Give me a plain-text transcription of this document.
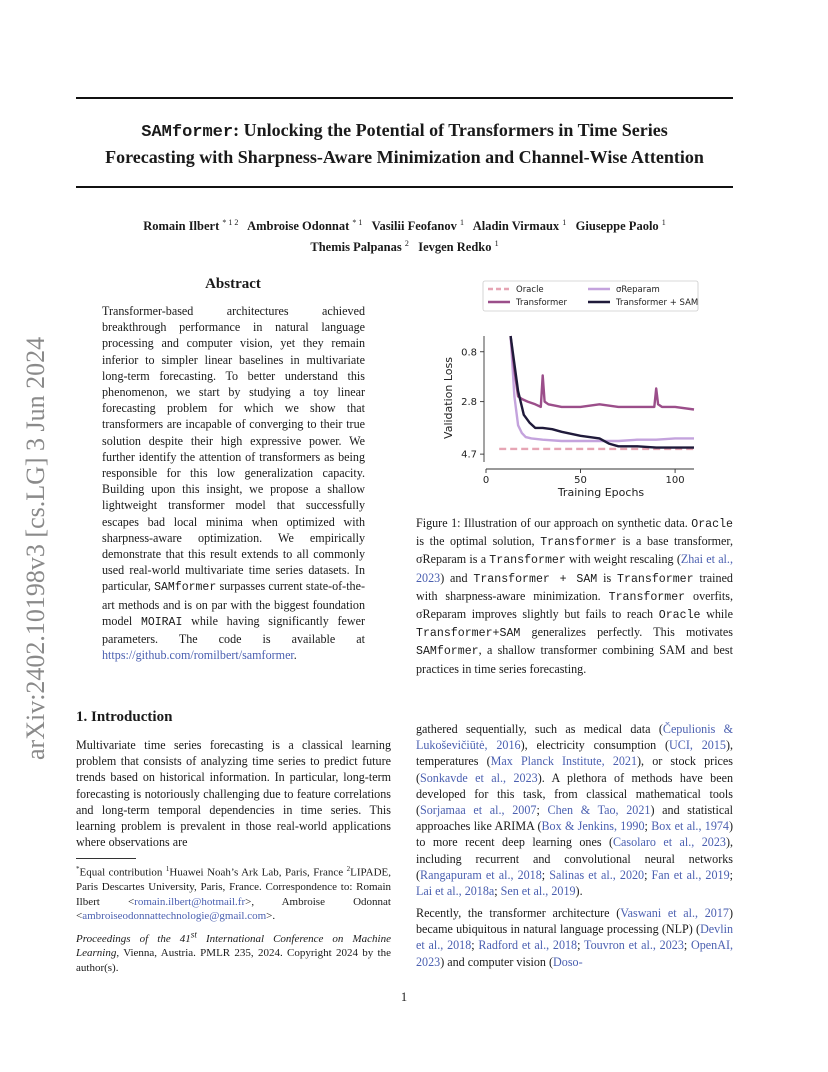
SAMformer: Unlocking the Potential of Transformers in Time Series
Forecasting with Sharpness-Aware Minimization and Channel-Wise Attention
Romain Ilbert $^{* 1 2}$ Ambroise Odonnat $^{* 1}$ Vasilii Feofanov $^1$ Aladin Virmaux $^1$ Giuseppe Paolo $^1$
Themis Palpanas $^2$ Ievgen Redko $^1$
arXiv:2402.10198v3 [cs.LG] 3 Jun 2024
Abstract
Transformer-based architectures achieved breakthrough performance in natural language processing and computer vision, yet they remain inferior to simpler linear baselines in multivariate long-term forecasting. To better understand this phenomenon, we start by studying a toy linear forecasting problem for which we show that transformers are incapable of converging to their true solution despite their high expressive power. We further identify the attention of transformers as being responsible for this low generalization capacity. Building upon this insight, we propose a shallow lightweight transformer model that successfully escapes bad local minima when optimized with sharpness-aware optimization. We empirically demonstrate that this result extends to all commonly used real-world multivariate time series datasets. In particular, SAMformer surpasses current state-of-the-art methods and is on par with the biggest foundation model MOIRAI while having significantly fewer parameters. The code is available at https://github.com/romilbert/samformer.
Oracle	σReparam
Transformer	Transformer + SAM
4.7
2.8
0.8
0	50	100
Training Epochs
Validation Loss
Figure 1: Illustration of our approach on synthetic data. Oracle is the optimal solution, Transformer is a base transformer, σReparam is a Transformer with weight rescaling (Zhai et al., 2023) and Transformer + SAM is Transformer trained with sharpness-aware minimization. Transformer overfits, σReparam improves slightly but fails to reach Oracle while Transformer+SAM generalizes perfectly. This motivates SAMformer, a shallow transformer combining SAM and best practices in time series forecasting.
1. Introduction
Multivariate time series forecasting is a classical learning problem that consists of analyzing time series to predict future trends based on historical information. In particular, long-term forecasting is notoriously challenging due to feature correlations and long-term temporal dependencies in time series. This learning problem is prevalent in those real-world applications where observations are
*Equal contribution $^1$Huawei Noah’s Ark Lab, Paris, France $^2$LIPADE, Paris Descartes University, Paris, France. Correspondence to: Romain Ilbert <romain.ilbert@hotmail.fr>, Ambroise Odonnat <ambroiseodonnattechnologie@gmail.com>.
Proceedings of the 41st International Conference on Machine Learning, Vienna, Austria. PMLR 235, 2024. Copyright 2024 by the author(s).
gathered sequentially, such as medical data (Čepulionis & Lukoševičiūtė, 2016), electricity consumption (UCI, 2015), temperatures (Max Planck Institute, 2021), or stock prices (Sonkavde et al., 2023). A plethora of methods have been developed for this task, from classical mathematical tools (Sorjamaa et al., 2007; Chen & Tao, 2021) and statistical approaches like ARIMA (Box & Jenkins, 1990; Box et al., 1974) to more recent deep learning ones (Casolaro et al., 2023), including recurrent and convolutional neural networks (Rangapuram et al., 2018; Salinas et al., 2020; Fan et al., 2019; Lai et al., 2018a; Sen et al., 2019).
Recently, the transformer architecture (Vaswani et al., 2017) became ubiquitous in natural language processing (NLP) (Devlin et al., 2018; Radford et al., 2018; Touvron et al., 2023; OpenAI, 2023) and computer vision (Doso-
1
